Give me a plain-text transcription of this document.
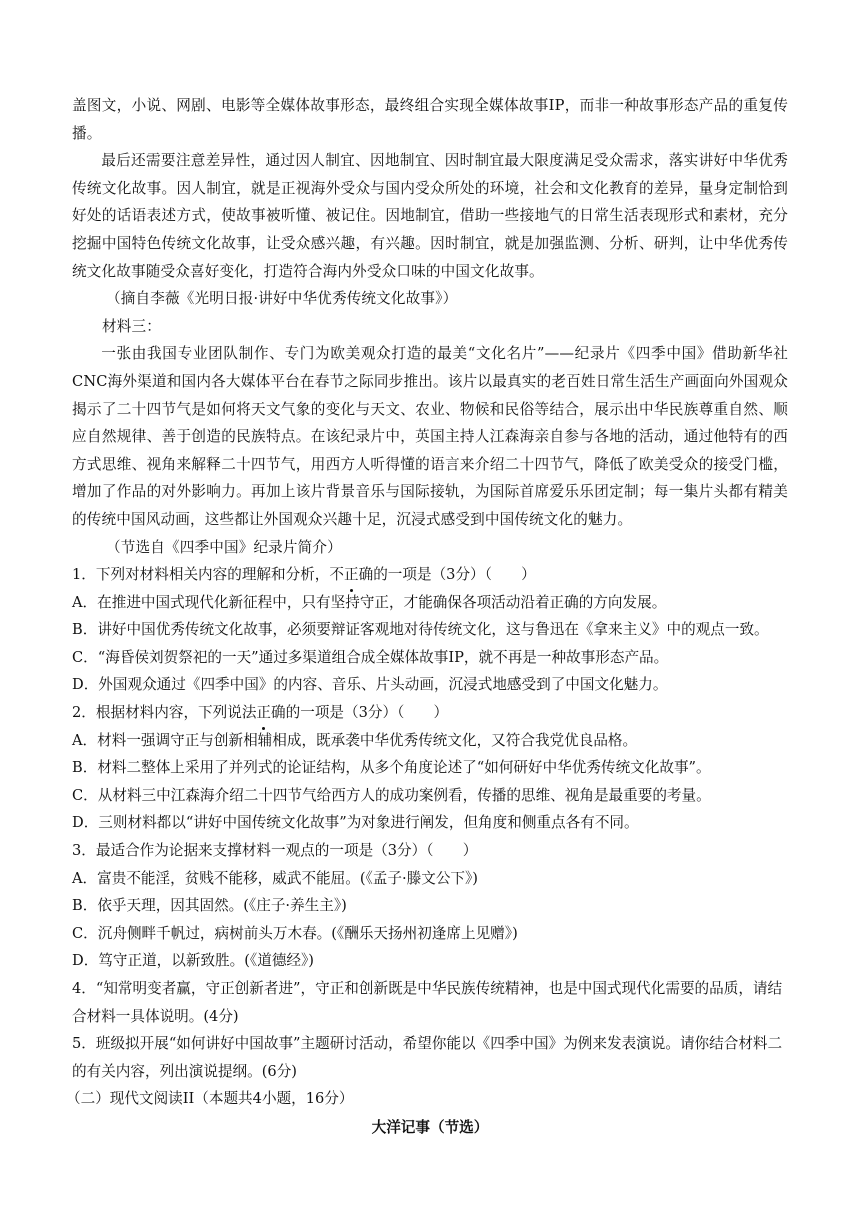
盖图文，小说、网剧、电影等全媒体故事形态，最终组合实现全媒体故事IP，而非一种故事形态产品的重复传播。

最后还需要注意差异性，通过因人制宜、因地制宜、因时制宜最大限度满足受众需求，落实讲好中华优秀传统文化故事。因人制宜，就是正视海外受众与国内受众所处的环境，社会和文化教育的差异，量身定制恰到好处的话语表述方式，使故事被听懂、被记住。因地制宜，借助一些接地气的日常生活表现形式和素材，充分挖掘中国特色传统文化故事，让受众感兴趣，有兴趣。因时制宜，就是加强监测、分析、研判，让中华优秀传统文化故事随受众喜好变化，打造符合海内外受众口味的中国文化故事。

（摘自李薇《光明日报·讲好中华优秀传统文化故事》）

材料三：

一张由我国专业团队制作、专门为欧美观众打造的最美“文化名片”——纪录片《四季中国》借助新华社CNC海外渠道和国内各大媒体平台在春节之际同步推出。该片以最真实的老百姓日常生活生产画面向外国观众揭示了二十四节气是如何将天文气象的变化与天文、农业、物候和民俗等结合，展示出中华民族尊重自然、顺应自然规律、善于创造的民族特点。在该纪录片中，英国主持人江森海亲自参与各地的活动，通过他特有的西方式思维、视角来解释二十四节气，用西方人听得懂的语言来介绍二十四节气，降低了欧美受众的接受门槛，增加了作品的对外影响力。再加上该片背景音乐与国际接轨，为国际首席爱乐乐团定制；每一集片头都有精美的传统中国风动画，这些都让外国观众兴趣十足，沉浸式感受到中国传统文化的魅力。

（节选自《四季中国》纪录片简介）

1．下列对材料相关内容的理解和分析，不正确的一项是（3分）（　　）

A．在推进中国式现代化新征程中，只有坚持守正，才能确保各项活动沿着正确的方向发展。

B．讲好中国优秀传统文化故事，必须要辩证客观地对待传统文化，这与鲁迅在《拿来主义》中的观点一致。

C．“海昏侯刘贺祭祀的一天”通过多渠道组合成全媒体故事IP，就不再是一种故事形态产品。

D．外国观众通过《四季中国》的内容、音乐、片头动画，沉浸式地感受到了中国文化魅力。

2．根据材料内容，下列说法正确的一项是（3分）（　　）

A．材料一强调守正与创新相辅相成，既承袭中华优秀传统文化，又符合我党优良品格。

B．材料二整体上采用了并列式的论证结构，从多个角度论述了“如何研好中华优秀传统文化故事”。

C．从材料三中江森海介绍二十四节气给西方人的成功案例看，传播的思维、视角是最重要的考量。

D．三则材料都以“讲好中国传统文化故事”为对象进行阐发，但角度和侧重点各有不同。

3．最适合作为论据来支撑材料一观点的一项是（3分）（　　）

A．富贵不能淫，贫贱不能移，威武不能屈。(《孟子·滕文公下》)

B．依乎天理，因其固然。(《庄子·养生主》)

C．沉舟侧畔千帆过，病树前头万木春。(《酬乐天扬州初逢席上见赠》)

D．笃守正道，以新致胜。(《道德经》)

4．“知常明变者赢，守正创新者进”，守正和创新既是中华民族传统精神，也是中国式现代化需要的品质，请结合材料一具体说明。(4分)

5．班级拟开展“如何讲好中国故事”主题研讨活动，希望你能以《四季中国》为例来发表演说。请你结合材料二的有关内容，列出演说提纲。(6分)

（二）现代文阅读II（本题共4小题，16分）

大洋记事（节选）
